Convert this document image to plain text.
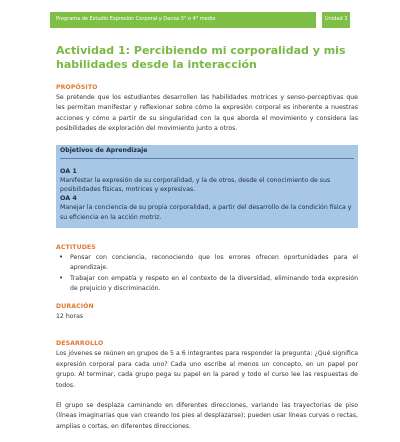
Programa de Estudio Expresión Corporal y Danza 3° o 4° medio	Unidad 3
Actividad 1: Percibiendo mi corporalidad y mis habilidades desde la interacción
PROPÓSITO

Se pretende que los estudiantes desarrollen las habilidades motrices y senso-perceptivas que les permitan manifestar y reflexionar sobre cómo la expresión corporal es inherente a nuestras acciones y cómo a partir de su singularidad con la que aborda el movimiento y considera las posibilidades de exploración del movimiento junto a otros.

Objetivos de Aprendizaje
OA 1
Manifestar la expresión de su corporalidad, y la de otros, desde el conocimiento de sus posibilidades físicas, motrices y expresivas.
OA 4
Manejar la conciencia de su propia corporalidad, a partir del desarrollo de la condición física y su eficiencia en la acción motriz.
ACTITUDES
• Pensar con conciencia, reconociendo que los errores ofrecen oportunidades para el aprendizaje.
• Trabajar con empatía y respeto en el contexto de la diversidad, eliminando toda expresión de prejuicio y discriminación.
DURACIÓN

12 horas

DESARROLLO

Los jóvenes se reúnen en grupos de 5 a 6 integrantes para responder la pregunta: ¿Qué significa expresión corporal para cada uno? Cada uno escribe al menos un concepto, en un papel por grupo. Al terminar, cada grupo pega su papel en la pared y todo el curso lee las respuestas de todos.

El grupo se desplaza caminando en diferentes direcciones, variando las trayectorias de piso (líneas imaginarias que van creando los pies al desplazarse); pueden usar líneas curvas o rectas, amplias o cortas, en diferentes direcciones.
